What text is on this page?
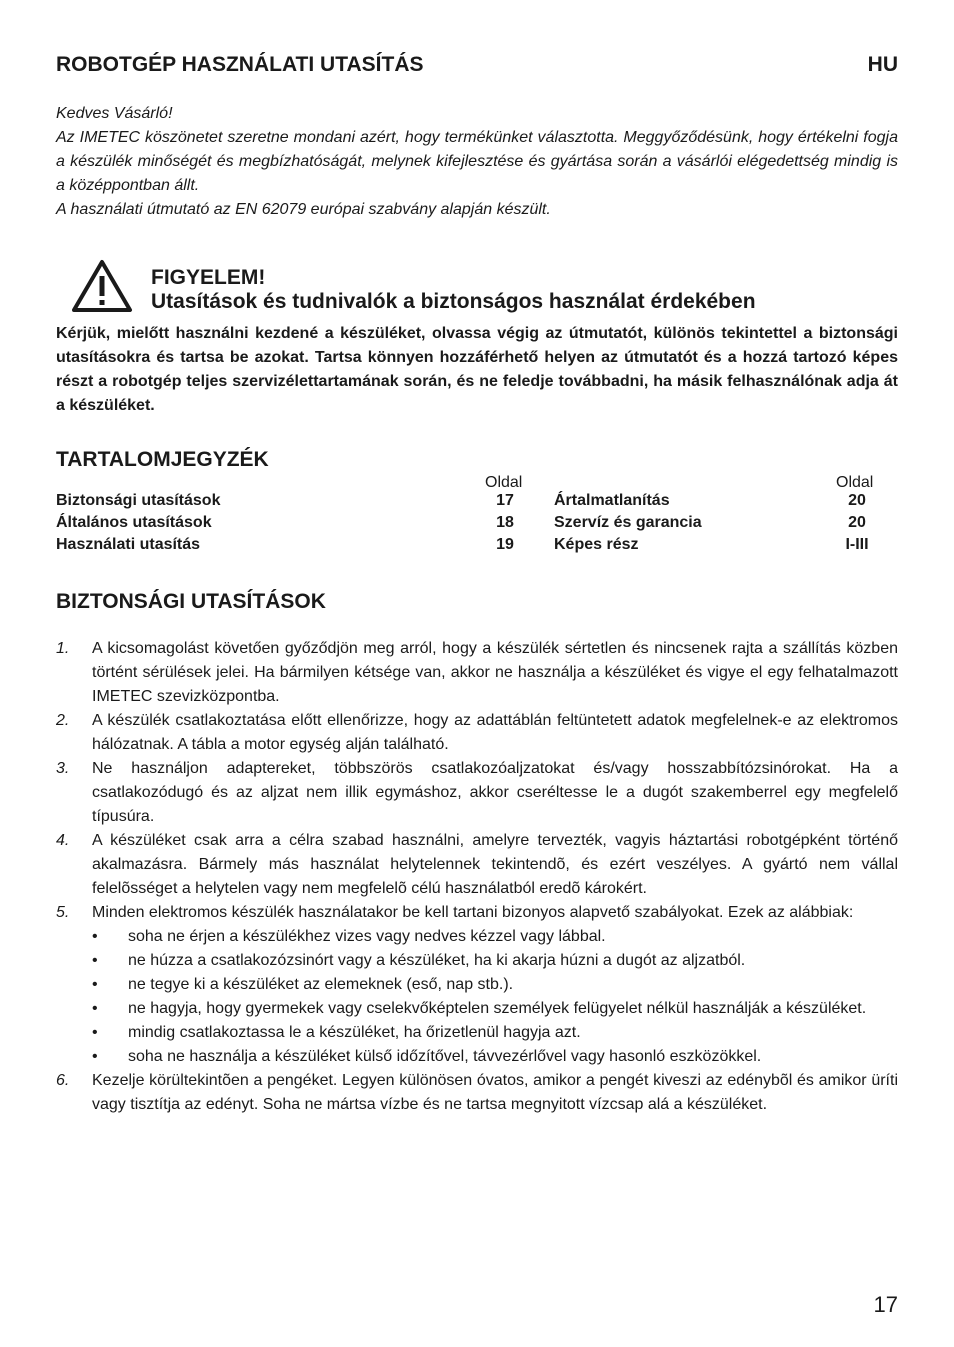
ROBOTGÉP HASZNÁLATI UTASÍTÁS	HU

Kedves Vásárló!

Az IMETEC köszönetet szeretne mondani azért, hogy termékünket választotta. Meggyőződésünk, hogy értékelni fogja a készülék minőségét és megbízhatóságát, melynek kifejlesztése és gyártása során a vásárlói elégedettség mindig is a középpontban állt.

A használati útmutató az EN 62079 európai szabvány alapján készült.

FIGYELEM!
Utasítások és tudnivalók a biztonságos használat érdekében
Kérjük, mielőtt használni kezdené a készüléket, olvassa végig az útmutatót, különös tekintettel a biztonsági utasításokra és tartsa be azokat. Tartsa könnyen hozzáférhető helyen az útmutatót és a hozzá tartozó képes részt a robotgép teljes szervizélettartamának során, és ne feledje továbbadni, ha másik felhasználónak adja át a készüléket.
TARTALOMJEGYZÉK
Oldal	Oldal
Biztonsági utasítások	17
Általános utasítások	18
Használati utasítás	19
Ártalmatlanítás	20
Szervíz és garancia	20
Képes rész	I-III
BIZTONSÁGI UTASÍTÁSOK
1. A kicsomagolást követően győződjön meg arról, hogy a készülék sértetlen és nincsenek rajta a szállítás közben történt sérülések jelei. Ha bármilyen kétsége van, akkor ne használja a készüléket és vigye el egy felhatalmazott IMETEC szevizközpontba.
2. A készülék csatlakoztatása előtt ellenőrizze, hogy az adattáblán feltüntetett adatok megfelelnek-e az elektromos hálózatnak. A tábla a motor egység alján található.
3. Ne használjon adaptereket, többszörös csatlakozóaljzatokat és/vagy hosszabbítózsinórokat. Ha a csatlakozódugó és az aljzat nem illik egymáshoz, akkor cseréltesse le a dugót szakemberrel egy megfelelő típusúra.
4. A készüléket csak arra a célra szabad használni, amelyre tervezték, vagyis háztartási robotgépként történő akalmazásra. Bármely más használat helytelennek tekintendõ, és ezért veszélyes. A gyártó nem vállal felelõsséget a helytelen vagy nem megfelelõ célú használatból eredõ károkért.
5. Minden elektromos készülék használatakor be kell tartani bizonyos alapvető szabályokat. Ezek az alábbiak:
• soha ne érjen a készülékhez vizes vagy nedves kézzel vagy lábbal.
• ne húzza a csatlakozózsinórt vagy a készüléket, ha ki akarja húzni a dugót az aljzatból.
• ne tegye ki a készüléket az elemeknek (eső, nap stb.).
• ne hagyja, hogy gyermekek vagy cselekvőképtelen személyek felügyelet nélkül használják a készüléket.
• mindig csatlakoztassa le a készüléket, ha őrizetlenül hagyja azt.
• soha ne használja a készüléket külső időzítővel, távvezérlővel vagy hasonló eszközökkel.
6. Kezelje körültekintõen a pengéket. Legyen különösen óvatos, amikor a pengét kiveszi az edénybõl és amikor üríti vagy tisztítja az edényt. Soha ne mártsa vízbe és ne tartsa megnyitott vízcsap alá a készüléket.
17
